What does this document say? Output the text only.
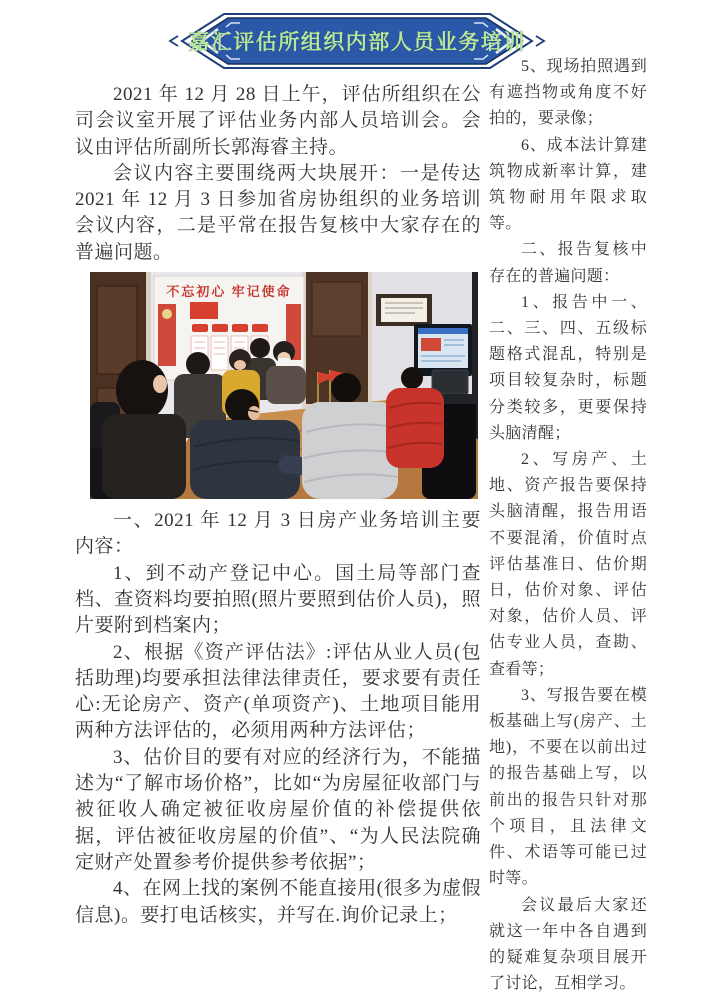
嘉汇评估所组织内部人员业务培训

2021 年 12 月 28 日上午，评估所组织在公司会议室开展了评估业务内部人员培训会。会议由评估所副所长郭海睿主持。

会议内容主要围绕两大块展开：一是传达 2021 年 12 月 3 日参加省房协组织的业务培训会议内容，二是平常在报告复核中大家存在的普遍问题。

不忘初心 牢记使命

一、2021 年 12 月 3 日房产业务培训主要内容：

1、到不动产登记中心。国土局等部门查档、查资料均要拍照(照片要照到估价人员)，照片要附到档案内；

2、根据《资产评估法》:评估从业人员(包括助理)均要承担法律法律责任，要求要有责任心:无论房产、资产(单项资产)、土地项目能用两种方法评估的，必须用两种方法评估；

3、估价目的要有对应的经济行为，不能描述为“了解市场价格”，比如“为房屋征收部门与被征收人确定被征收房屋价值的补偿提供依据，评估被征收房屋的价值”、“为人民法院确定财产处置参考价提供参考依据”；

4、在网上找的案例不能直接用(很多为虚假信息)。要打电话核实，并写在.询价记录上；

5、现场拍照遇到有遮挡物或角度不好拍的，要录像；

6、成本法计算建筑物成新率计算，建筑物耐用年限求取等。

二、报告复核中存在的普遍问题：

1、报告中一、二、三、四、五级标题格式混乱，特别是项目较复杂时，标题分类较多，更要保持头脑清醒；

2、写房产、土地、资产报告要保持头脑清醒，报告用语不要混淆，价值时点评估基准日、估价期日，估价对象、评估对象，估价人员、评估专业人员，查勘、查看等；

3、写报告要在模板基础上写(房产、土地)，不要在以前出过的报告基础上写，以前出的报告只针对那个项目，且法律文件、术语等可能已过时等。

会议最后大家还就这一年中各自遇到的疑难复杂项目展开了讨论，互相学习。
